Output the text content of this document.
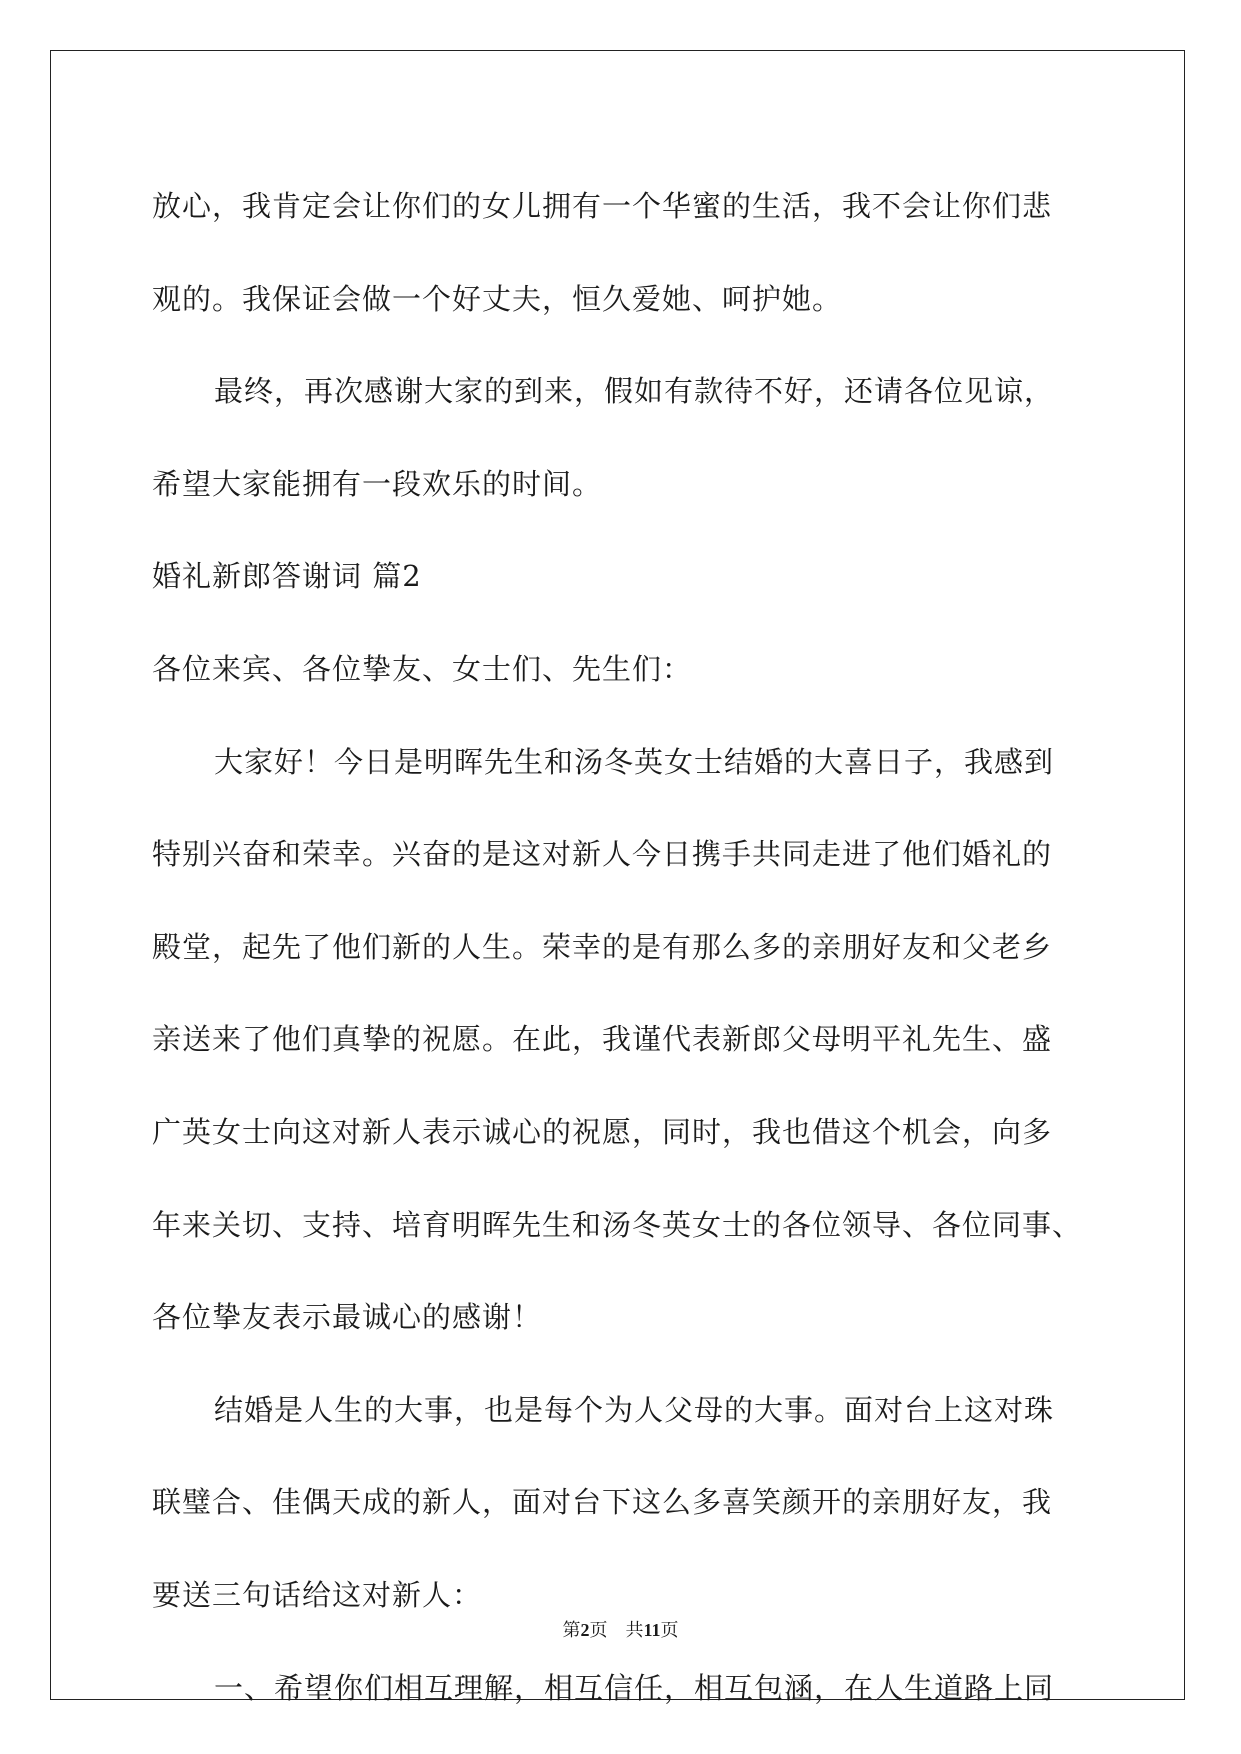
放心，我肯定会让你们的女儿拥有一个华蜜的生活，我不会让你们悲
观的。我保证会做一个好丈夫，恒久爱她、呵护她。
最终，再次感谢大家的到来，假如有款待不好，还请各位见谅，
希望大家能拥有一段欢乐的时间。
婚礼新郎答谢词 篇2
各位来宾、各位挚友、女士们、先生们：
大家好！今日是明晖先生和汤冬英女士结婚的大喜日子，我感到
特别兴奋和荣幸。兴奋的是这对新人今日携手共同走进了他们婚礼的
殿堂，起先了他们新的人生。荣幸的是有那么多的亲朋好友和父老乡
亲送来了他们真挚的祝愿。在此，我谨代表新郎父母明平礼先生、盛
广英女士向这对新人表示诚心的祝愿，同时，我也借这个机会，向多
年来关切、支持、培育明晖先生和汤冬英女士的各位领导、各位同事、
各位挚友表示最诚心的感谢！
结婚是人生的大事，也是每个为人父母的大事。面对台上这对珠
联璧合、佳偶天成的新人，面对台下这么多喜笑颜开的亲朋好友，我
要送三句话给这对新人：
一、希望你们相互理解，相互信任，相互包涵，在人生道路上同
第2页 共11页
